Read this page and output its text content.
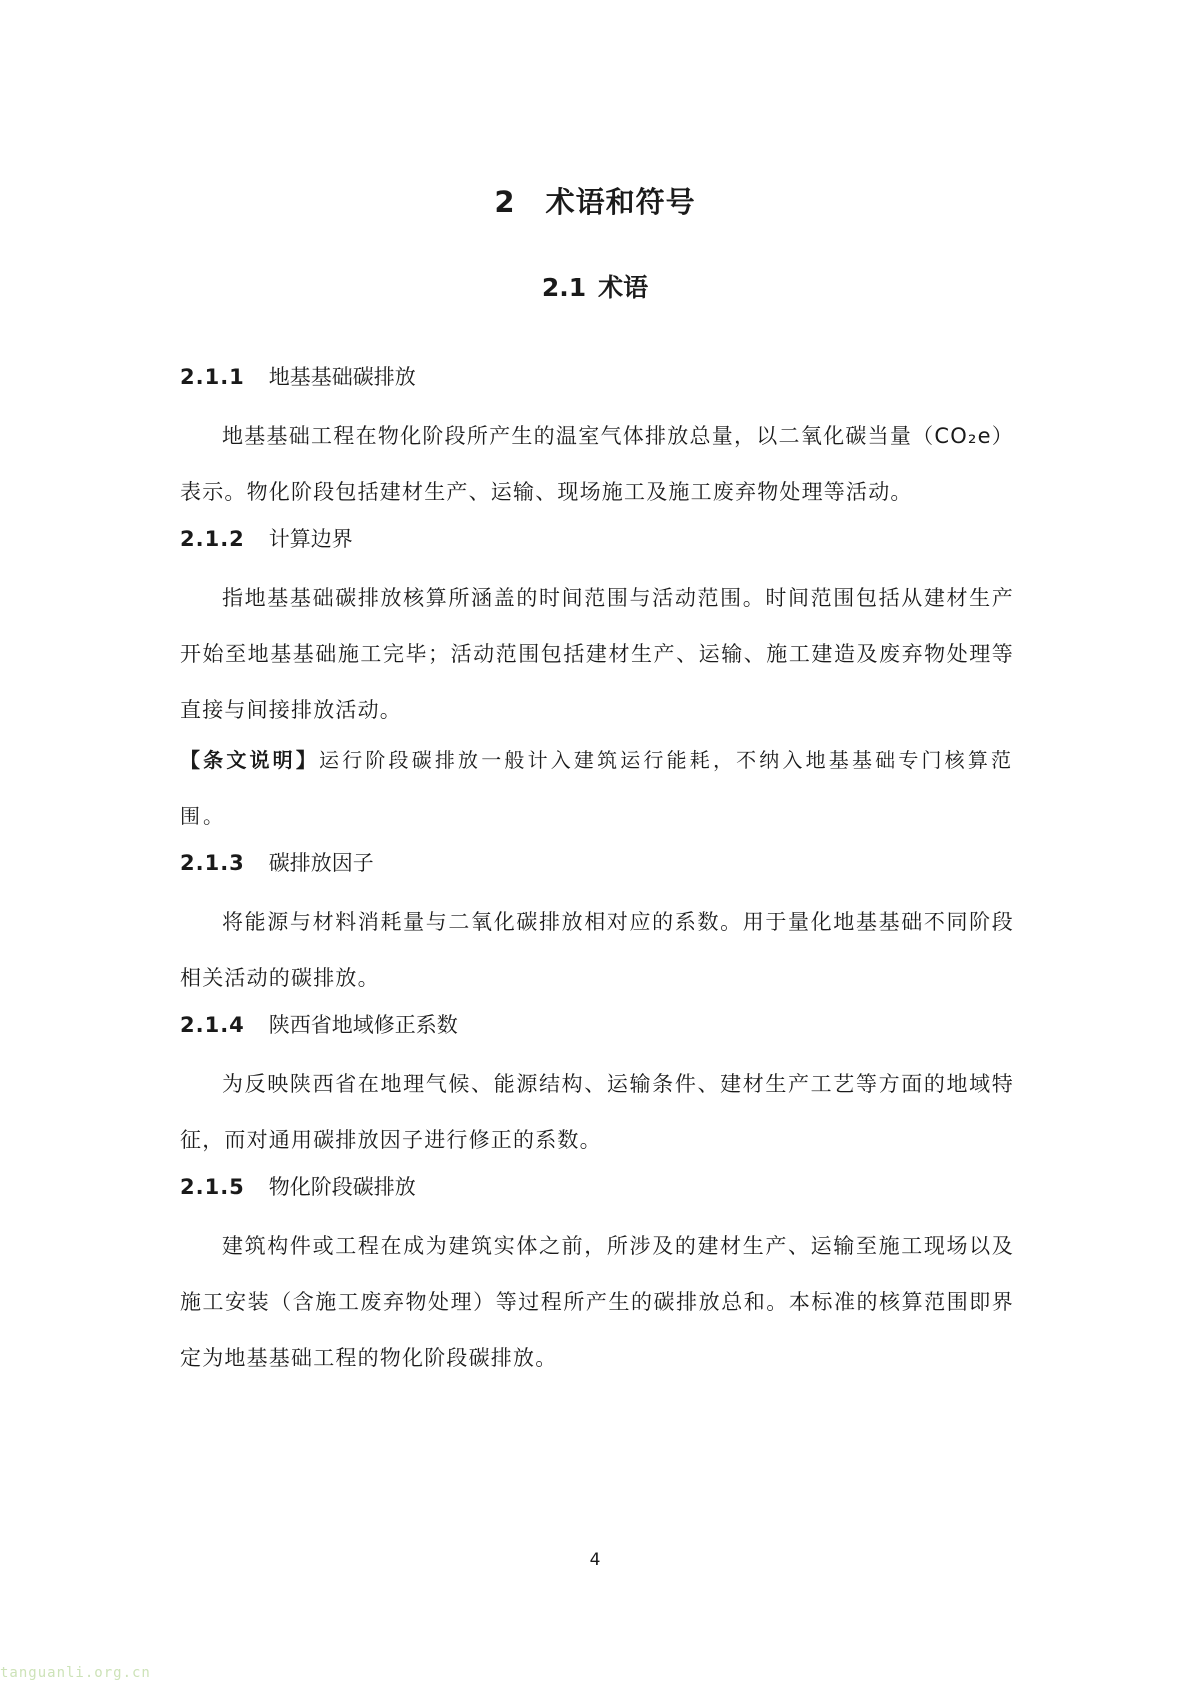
2 术语和符号
2.1 术语
2.1.1 地基基础碳排放

地基基础工程在物化阶段所产生的温室气体排放总量，以二氧化碳当量（CO₂e）表示。物化阶段包括建材生产、运输、现场施工及施工废弃物处理等活动。

2.1.2 计算边界

指地基基础碳排放核算所涵盖的时间范围与活动范围。时间范围包括从建材生产开始至地基基础施工完毕；活动范围包括建材生产、运输、施工建造及废弃物处理等直接与间接排放活动。

【条文说明】运行阶段碳排放一般计入建筑运行能耗，不纳入地基基础专门核算范围。

2.1.3 碳排放因子

将能源与材料消耗量与二氧化碳排放相对应的系数。用于量化地基基础不同阶段相关活动的碳排放。

2.1.4 陕西省地域修正系数

为反映陕西省在地理气候、能源结构、运输条件、建材生产工艺等方面的地域特征，而对通用碳排放因子进行修正的系数。

2.1.5 物化阶段碳排放

建筑构件或工程在成为建筑实体之前，所涉及的建材生产、运输至施工现场以及施工安装（含施工废弃物处理）等过程所产生的碳排放总和。本标准的核算范围即界定为地基基础工程的物化阶段碳排放。

4
tanguanli.org.cn
